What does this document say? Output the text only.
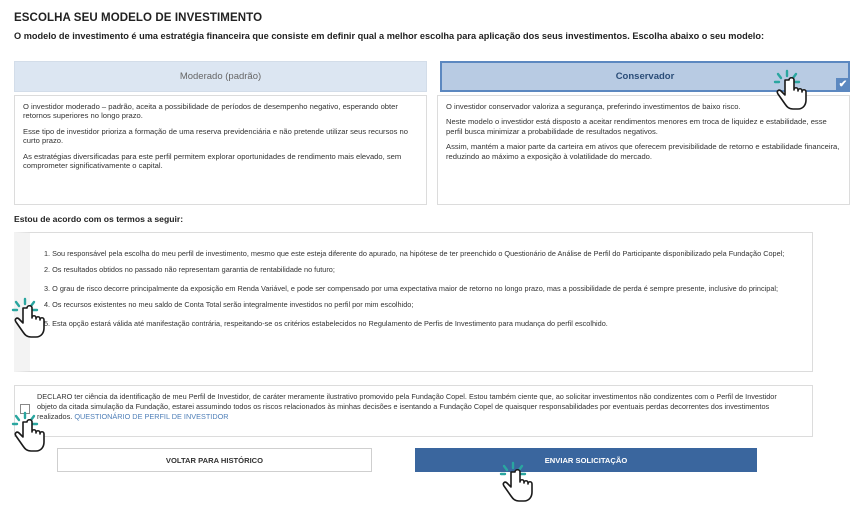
ESCOLHA SEU MODELO DE INVESTIMENTO
O modelo de investimento é uma estratégia financeira que consiste em definir qual a melhor escolha para aplicação dos seus investimentos. Escolha abaixo o seu modelo:
Moderado (padrão)	Conservador
✔

O investidor moderado – padrão, aceita a possibilidade de períodos de desempenho negativo, esperando obter retornos superiores no longo prazo.

Esse tipo de investidor prioriza a formação de uma reserva previdenciária e não pretende utilizar seus recursos no curto prazo.

As estratégias diversificadas para este perfil permitem explorar oportunidades de rendimento mais elevado, sem comprometer significativamente o capital.

O investidor conservador valoriza a segurança, preferindo investimentos de baixo risco.

Neste modelo o investidor está disposto a aceitar rendimentos menores em troca de liquidez e estabilidade, esse perfil busca minimizar a probabilidade de resultados negativos.

Assim, mantém a maior parte da carteira em ativos que oferecem previsibilidade de retorno e estabilidade financeira, reduzindo ao máximo a exposição à volatilidade do mercado.

Estou de acordo com os termos a seguir:
1. Sou responsável pela escolha do meu perfil de investimento, mesmo que este esteja diferente do apurado, na hipótese de ter preenchido o Questionário de Análise de Perfil do Participante disponibilizado pela Fundação Copel;
2. Os resultados obtidos no passado não representam garantia de rentabilidade no futuro;
3. O grau de risco decorre principalmente da exposição em Renda Variável, e pode ser compensado por uma expectativa maior de retorno no longo prazo, mas a possibilidade de perda é sempre presente, inclusive do principal;
4. Os recursos existentes no meu saldo de Conta Total serão integralmente investidos no perfil por mim escolhido;
5. Esta opção estará válida até manifestação contrária, respeitando-se os critérios estabelecidos no Regulamento de Perfis de Investimento para mudança do perfil escolhido.
DECLARO ter ciência da identificação de meu Perfil de Investidor, de caráter meramente ilustrativo promovido pela Fundação Copel. Estou também ciente que, ao solicitar investimentos não condizentes com o Perfil de Investidor objeto da citada simulação da Fundação, estarei assumindo todos os riscos relacionados às minhas decisões e isentando a Fundação Copel de quaisquer responsabilidades por eventuais perdas decorrentes dos investimentos realizados. QUESTIONÁRIO DE PERFIL DE INVESTIDOR
VOLTAR PARA HISTÓRICO	ENVIAR SOLICITAÇÃO
